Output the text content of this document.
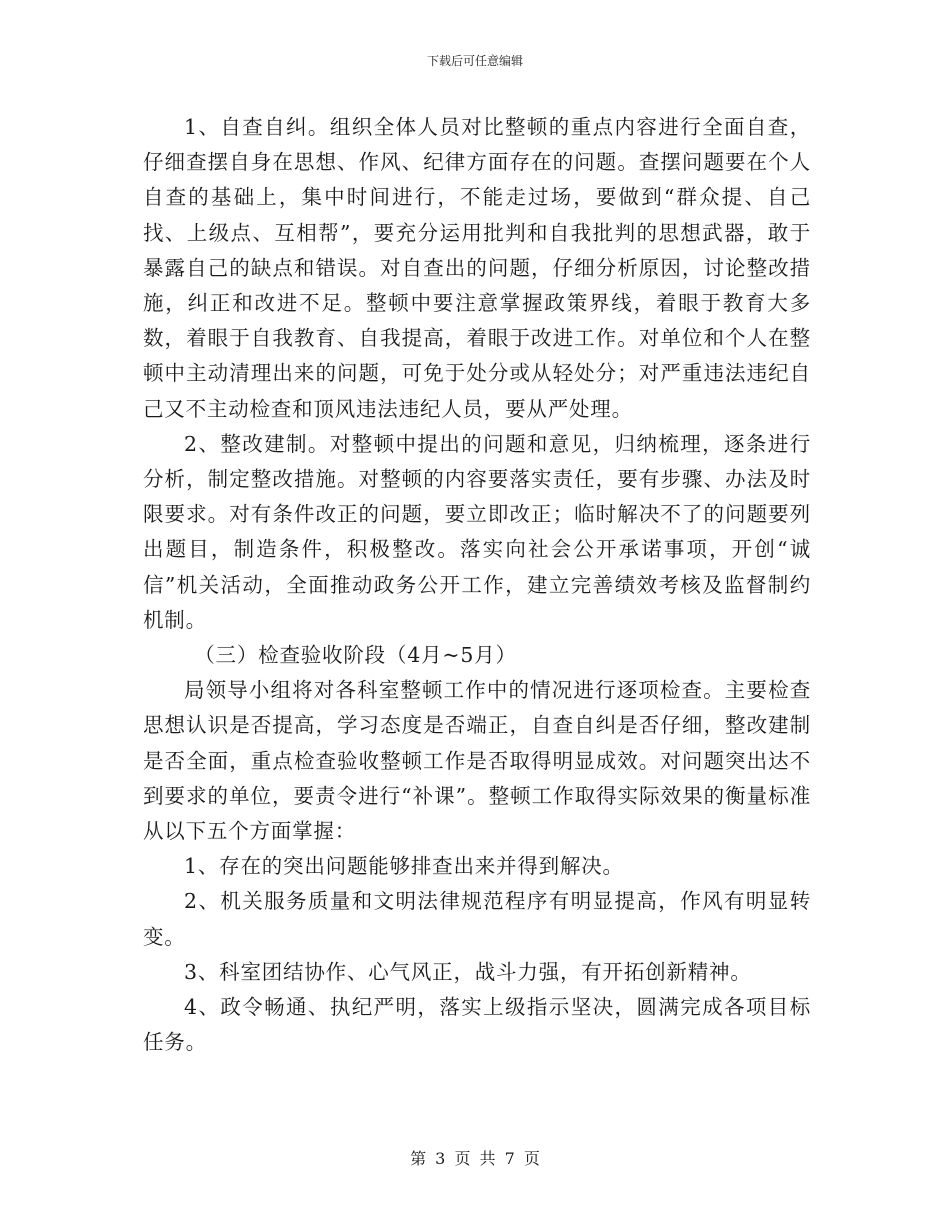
下载后可任意编辑

1、自查自纠。组织全体人员对比整顿的重点内容进行全面自查，仔细查摆自身在思想、作风、纪律方面存在的问题。查摆问题要在个人自查的基础上，集中时间进行，不能走过场，要做到“群众提、自己找、上级点、互相帮”，要充分运用批判和自我批判的思想武器，敢于暴露自己的缺点和错误。对自查出的问题，仔细分析原因，讨论整改措施，纠正和改进不足。整顿中要注意掌握政策界线，着眼于教育大多数，着眼于自我教育、自我提高，着眼于改进工作。对单位和个人在整顿中主动清理出来的问题，可免于处分或从轻处分；对严重违法违纪自己又不主动检查和顶风违法违纪人员，要从严处理。

2、整改建制。对整顿中提出的问题和意见，归纳梳理，逐条进行分析，制定整改措施。对整顿的内容要落实责任，要有步骤、办法及时限要求。对有条件改正的问题，要立即改正；临时解决不了的问题要列出题目，制造条件，积极整改。落实向社会公开承诺事项，开创“诚信”机关活动，全面推动政务公开工作，建立完善绩效考核及监督制约机制。

（三）检查验收阶段（4月~5月）

局领导小组将对各科室整顿工作中的情况进行逐项检查。主要检查思想认识是否提高，学习态度是否端正，自查自纠是否仔细，整改建制是否全面，重点检查验收整顿工作是否取得明显成效。对问题突出达不到要求的单位，要责令进行“补课”。整顿工作取得实际效果的衡量标准从以下五个方面掌握：

1、存在的突出问题能够排查出来并得到解决。

2、机关服务质量和文明法律规范程序有明显提高，作风有明显转变。

3、科室团结协作、心气风正，战斗力强，有开拓创新精神。

4、政令畅通、执纪严明，落实上级指示坚决，圆满完成各项目标任务。

第 3 页 共 7 页
